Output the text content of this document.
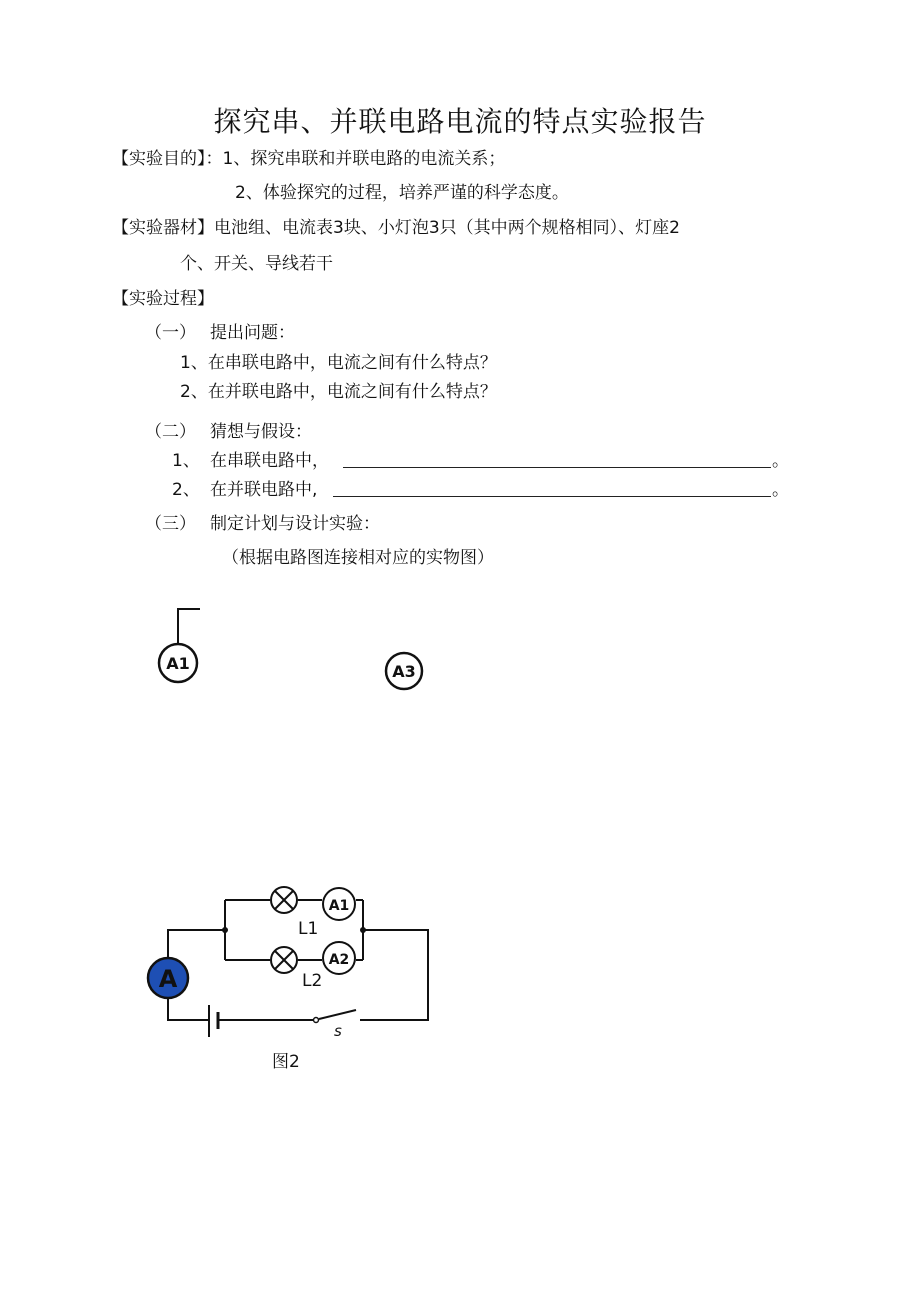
探究串、并联电路电流的特点实验报告
【实验目的】：1、探究串联和并联电路的电流关系；
2、体验探究的过程，培养严谨的科学态度。
【实验器材】电池组、电流表3块、小灯泡3只（其中两个规格相同）、灯座2
个、开关、导线若干
【实验过程】
（一） 提出问题：
1、在串联电路中，电流之间有什么特点？
2、在并联电路中，电流之间有什么特点？
（二） 猜想与假设：
1、 在串联电路中，	。
2、 在并联电路中,	。
（三） 制定计划与设计实验：
（根据电路图连接相对应的实物图）
A1	A3
L1
L2
A1
A2
A
s
图2
